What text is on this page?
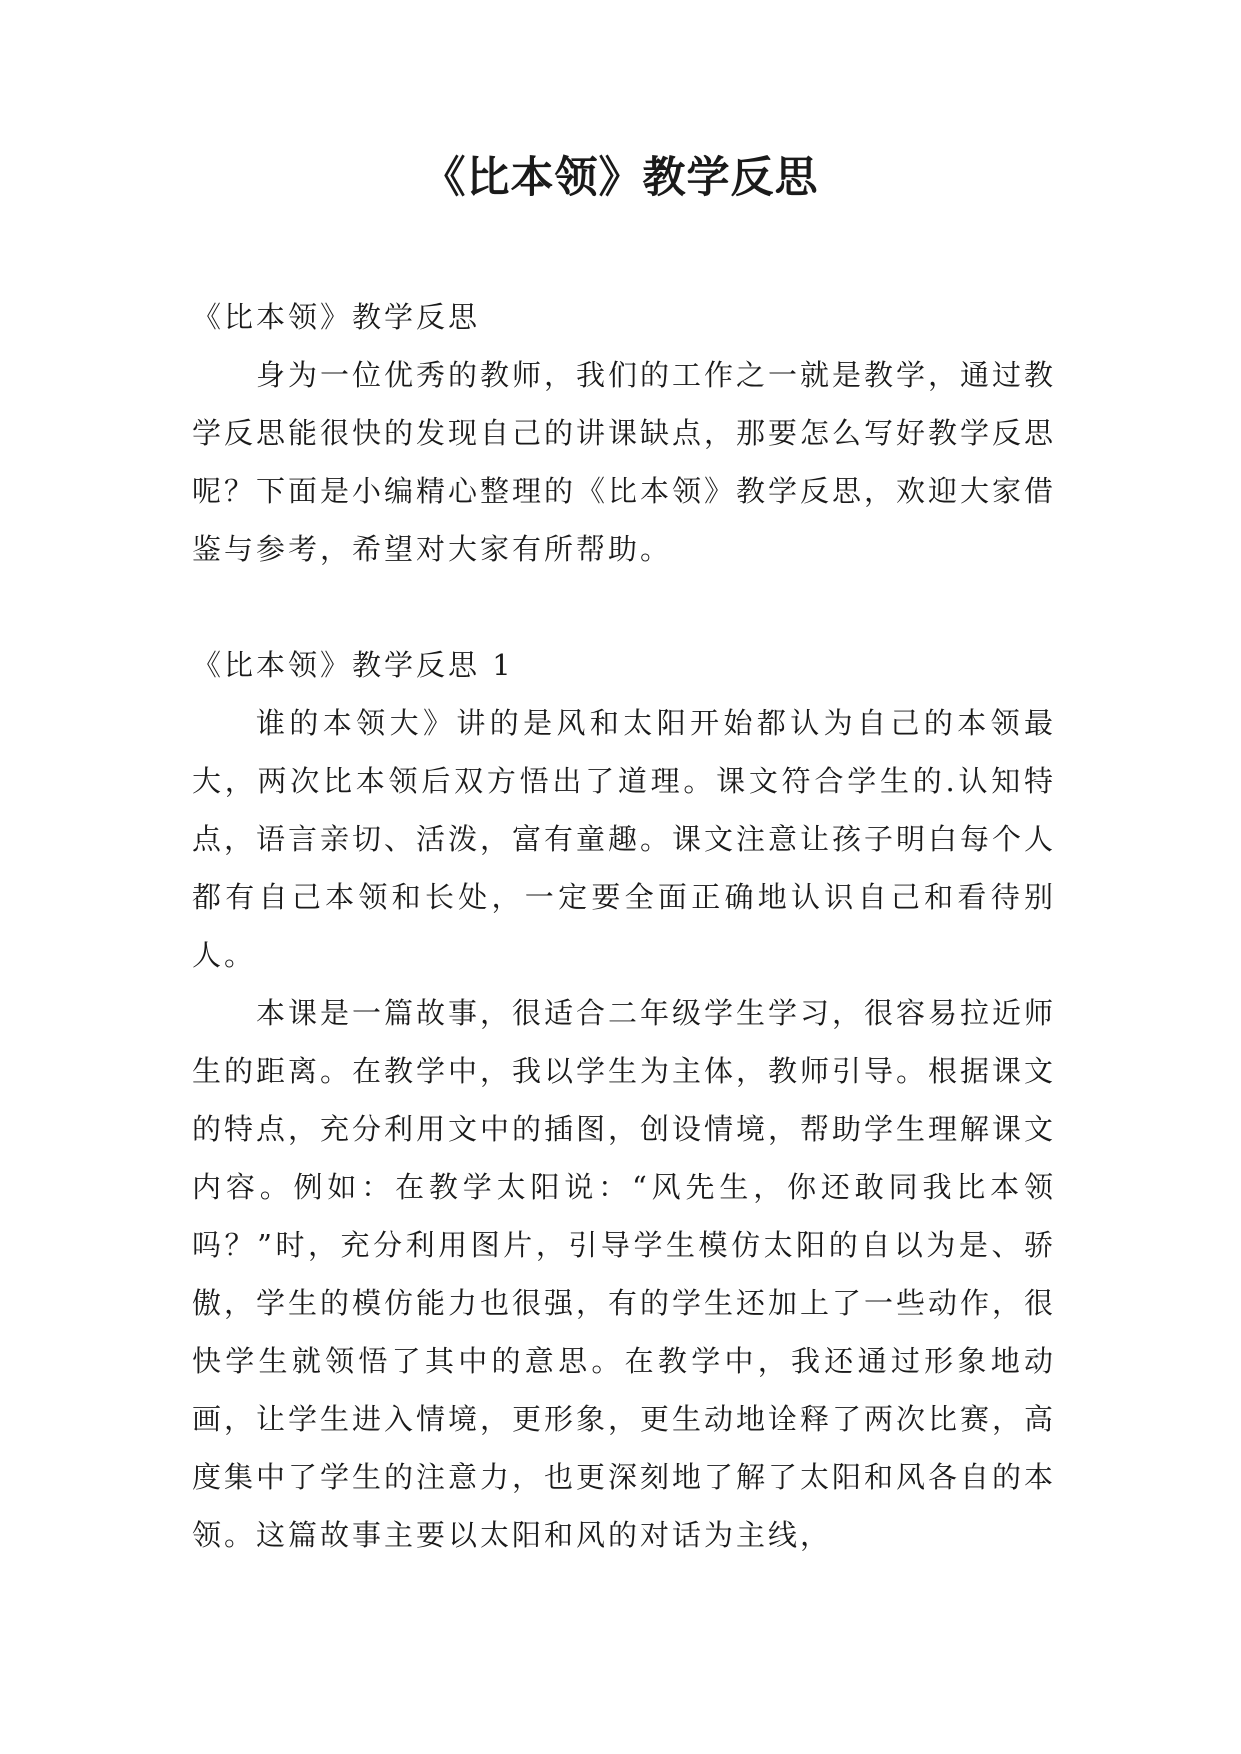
《比本领》教学反思

《比本领》教学反思

身为一位优秀的教师，我们的工作之一就是教学，通过教学反思能很快的发现自己的讲课缺点，那要怎么写好教学反思呢？下面是小编精心整理的《比本领》教学反思，欢迎大家借鉴与参考，希望对大家有所帮助。

《比本领》教学反思 1

谁的本领大》讲的是风和太阳开始都认为自己的本领最大，两次比本领后双方悟出了道理。课文符合学生的.认知特点，语言亲切、活泼，富有童趣。课文注意让孩子明白每个人都有自己本领和长处，一定要全面正确地认识自己和看待别人。

本课是一篇故事，很适合二年级学生学习，很容易拉近师生的距离。在教学中，我以学生为主体，教师引导。根据课文的特点，充分利用文中的插图，创设情境，帮助学生理解课文内容。例如：在教学太阳说：“风先生，你还敢同我比本领吗？”时，充分利用图片，引导学生模仿太阳的自以为是、骄傲，学生的模仿能力也很强，有的学生还加上了一些动作，很快学生就领悟了其中的意思。在教学中，我还通过形象地动画，让学生进入情境，更形象，更生动地诠释了两次比赛，高度集中了学生的注意力，也更深刻地了解了太阳和风各自的本领。这篇故事主要以太阳和风的对话为主线，
